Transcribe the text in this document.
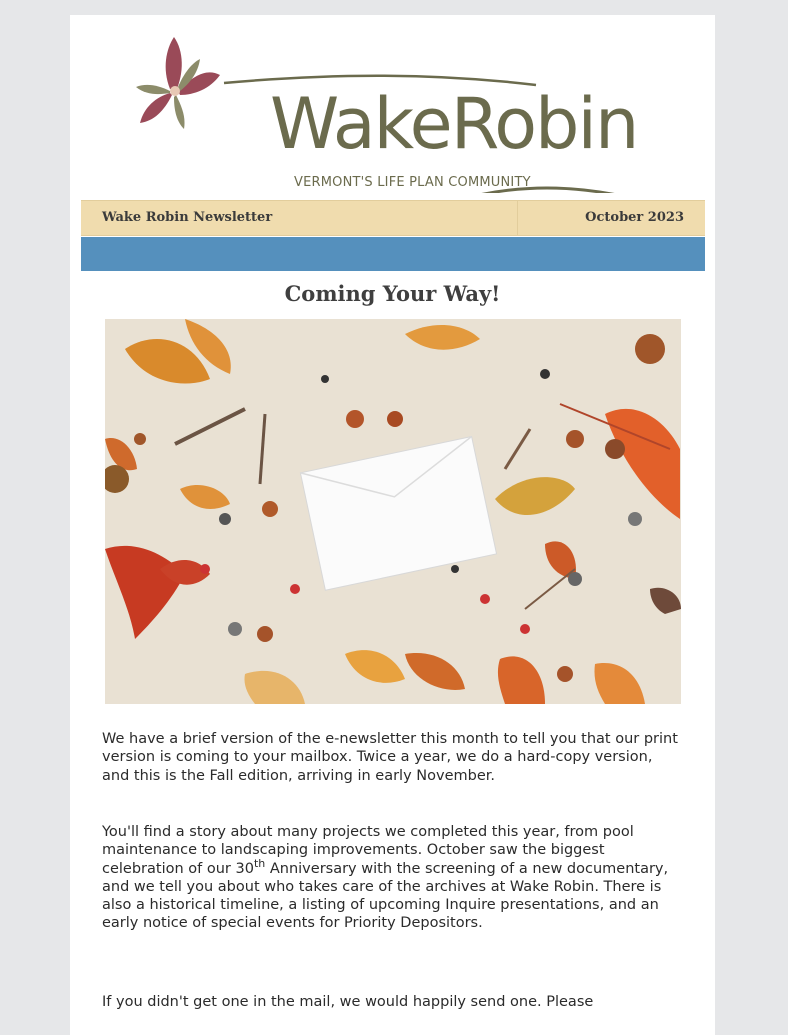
WakeRobin
VERMONT'S LIFE PLAN COMMUNITY
Wake Robin Newsletter	October 2023
Coming Your Way!

We have a brief version of the e-newsletter this month to tell you that our print version is coming to your mailbox. Twice a year, we do a hard-copy version, and this is the Fall edition, arriving in early November.

You'll find a story about many projects we completed this year, from pool maintenance to landscaping improvements. October saw the biggest celebration of our 30th Anniversary with the screening of a new documentary, and we tell you about who takes care of the archives at Wake Robin. There is also a historical timeline, a listing of upcoming Inquire presentations, and an early notice of special events for Priority Depositors.

If you didn't get one in the mail, we would happily send one. Please
